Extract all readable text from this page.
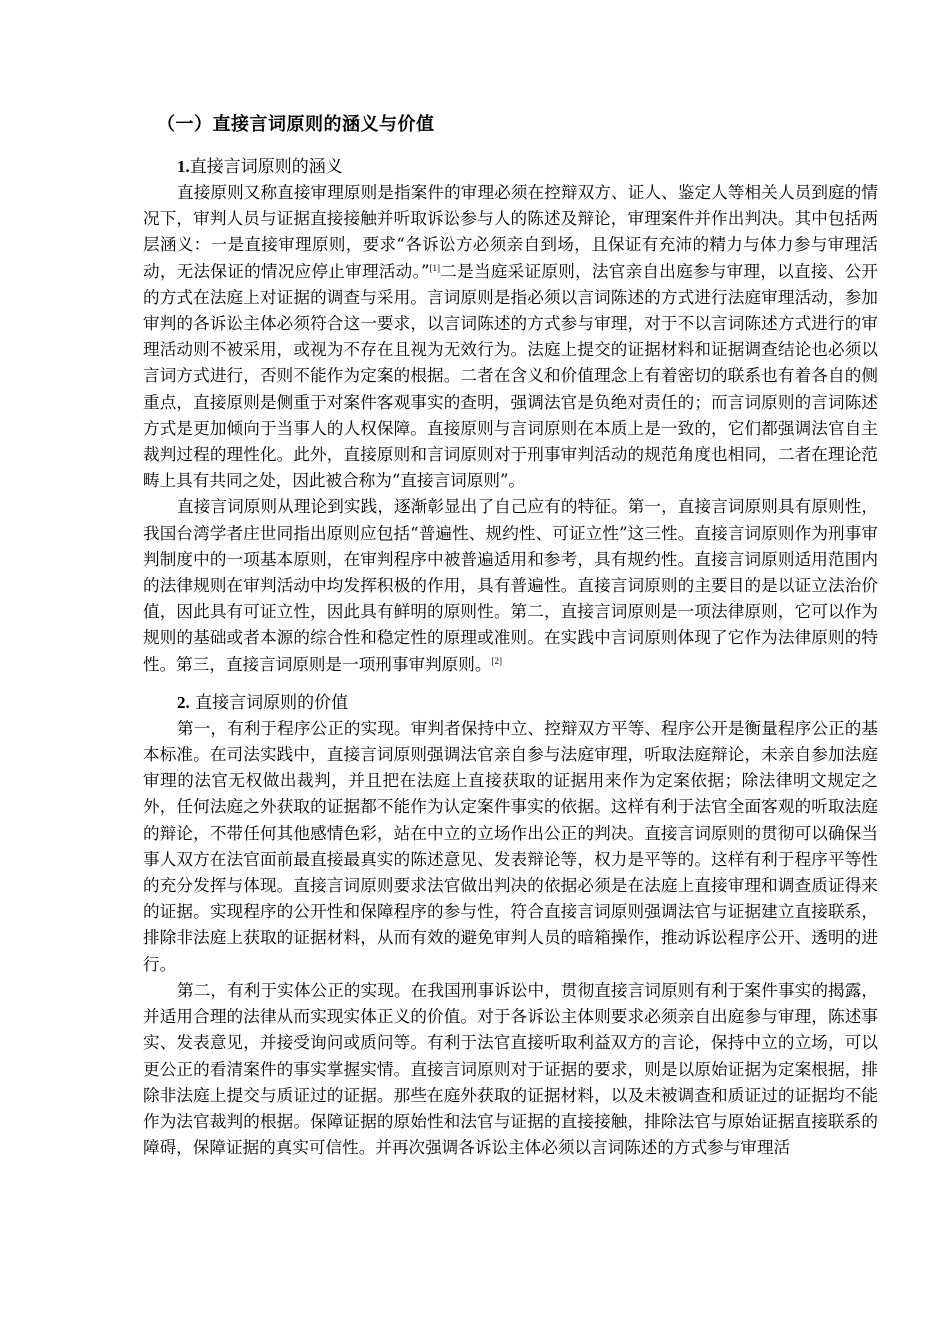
（一）直接言词原则的涵义与价值
1.直接言词原则的涵义

直接原则又称直接审理原则是指案件的审理必须在控辩双方、证人、鉴定人等相关人员到庭的情况下，审判人员与证据直接接触并听取诉讼参与人的陈述及辩论，审理案件并作出判决。其中包括两层涵义：一是直接审理原则，要求“各诉讼方必须亲自到场，且保证有充沛的精力与体力参与审理活动，无法保证的情况应停止审理活动。”[1]二是当庭采证原则，法官亲自出庭参与审理，以直接、公开的方式在法庭上对证据的调查与采用。言词原则是指必须以言词陈述的方式进行法庭审理活动，参加审判的各诉讼主体必须符合这一要求，以言词陈述的方式参与审理，对于不以言词陈述方式进行的审理活动则不被采用，或视为不存在且视为无效行为。法庭上提交的证据材料和证据调查结论也必须以言词方式进行，否则不能作为定案的根据。二者在含义和价值理念上有着密切的联系也有着各自的侧重点，直接原则是侧重于对案件客观事实的查明，强调法官是负绝对责任的；而言词原则的言词陈述方式是更加倾向于当事人的人权保障。直接原则与言词原则在本质上是一致的，它们都强调法官自主裁判过程的理性化。此外，直接原则和言词原则对于刑事审判活动的规范角度也相同，二者在理论范畴上具有共同之处，因此被合称为“直接言词原则”。

直接言词原则从理论到实践，逐渐彰显出了自己应有的特征。第一，直接言词原则具有原则性，我国台湾学者庄世同指出原则应包括“普遍性、规约性、可证立性”这三性。直接言词原则作为刑事审判制度中的一项基本原则，在审判程序中被普遍适用和参考，具有规约性。直接言词原则适用范围内的法律规则在审判活动中均发挥积极的作用，具有普遍性。直接言词原则的主要目的是以证立法治价值，因此具有可证立性，因此具有鲜明的原则性。第二，直接言词原则是一项法律原则，它可以作为规则的基础或者本源的综合性和稳定性的原理或准则。在实践中言词原则体现了它作为法律原则的特性。第三，直接言词原则是一项刑事审判原则。[2]

2. 直接言词原则的价值

第一，有利于程序公正的实现。审判者保持中立、控辩双方平等、程序公开是衡量程序公正的基本标准。在司法实践中，直接言词原则强调法官亲自参与法庭审理，听取法庭辩论，未亲自参加法庭审理的法官无权做出裁判，并且把在法庭上直接获取的证据用来作为定案依据；除法律明文规定之外，任何法庭之外获取的证据都不能作为认定案件事实的依据。这样有利于法官全面客观的听取法庭的辩论，不带任何其他感情色彩，站在中立的立场作出公正的判决。直接言词原则的贯彻可以确保当事人双方在法官面前最直接最真实的陈述意见、发表辩论等，权力是平等的。这样有利于程序平等性的充分发挥与体现。直接言词原则要求法官做出判决的依据必须是在法庭上直接审理和调查质证得来的证据。实现程序的公开性和保障程序的参与性，符合直接言词原则强调法官与证据建立直接联系，排除非法庭上获取的证据材料，从而有效的避免审判人员的暗箱操作，推动诉讼程序公开、透明的进行。

第二，有利于实体公正的实现。在我国刑事诉讼中，贯彻直接言词原则有利于案件事实的揭露，并适用合理的法律从而实现实体正义的价值。对于各诉讼主体则要求必须亲自出庭参与审理，陈述事实、发表意见，并接受询问或质问等。有利于法官直接听取利益双方的言论，保持中立的立场，可以更公正的看清案件的事实掌握实情。直接言词原则对于证据的要求，则是以原始证据为定案根据，排除非法庭上提交与质证过的证据。那些在庭外获取的证据材料，以及未被调查和质证过的证据均不能作为法官裁判的根据。保障证据的原始性和法官与证据的直接接触，排除法官与原始证据直接联系的障碍，保障证据的真实可信性。并再次强调各诉讼主体必须以言词陈述的方式参与审理活
